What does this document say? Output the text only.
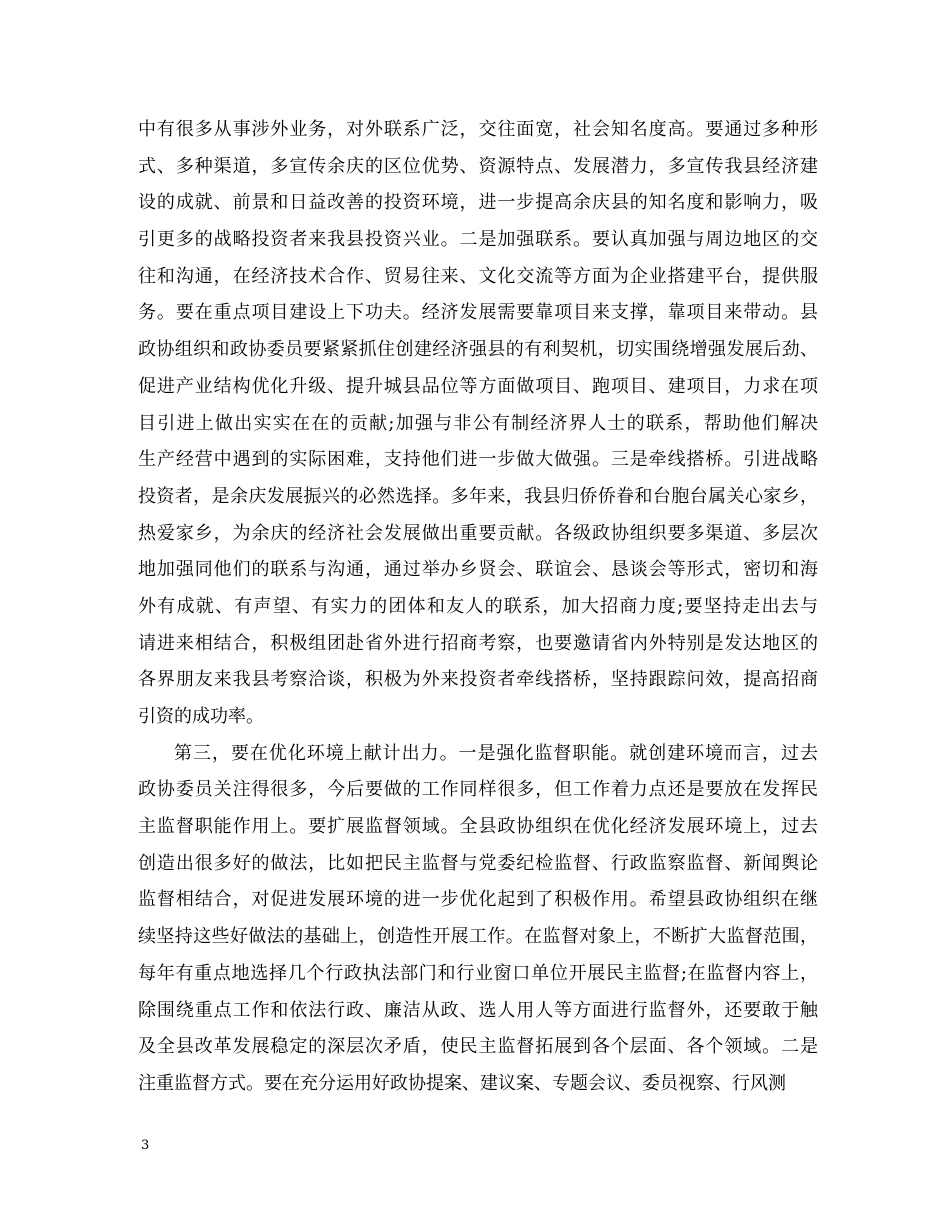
中有很多从事涉外业务，对外联系广泛，交往面宽，社会知名度高。要通过多种形
式、多种渠道，多宣传余庆的区位优势、资源特点、发展潜力，多宣传我县经济建
设的成就、前景和日益改善的投资环境，进一步提高余庆县的知名度和影响力，吸
引更多的战略投资者来我县投资兴业。二是加强联系。要认真加强与周边地区的交
往和沟通，在经济技术合作、贸易往来、文化交流等方面为企业搭建平台，提供服
务。要在重点项目建设上下功夫。经济发展需要靠项目来支撑，靠项目来带动。县
政协组织和政协委员要紧紧抓住创建经济强县的有利契机，切实围绕增强发展后劲、
促进产业结构优化升级、提升城县品位等方面做项目、跑项目、建项目，力求在项
目引进上做出实实在在的贡献;加强与非公有制经济界人士的联系，帮助他们解决
生产经营中遇到的实际困难，支持他们进一步做大做强。三是牵线搭桥。引进战略
投资者，是余庆发展振兴的必然选择。多年来，我县归侨侨眷和台胞台属关心家乡，
热爱家乡，为余庆的经济社会发展做出重要贡献。各级政协组织要多渠道、多层次
地加强同他们的联系与沟通，通过举办乡贤会、联谊会、恳谈会等形式，密切和海
外有成就、有声望、有实力的团体和友人的联系，加大招商力度;要坚持走出去与
请进来相结合，积极组团赴省外进行招商考察，也要邀请省内外特别是发达地区的
各界朋友来我县考察洽谈，积极为外来投资者牵线搭桥，坚持跟踪问效，提高招商
引资的成功率。
第三，要在优化环境上献计出力。一是强化监督职能。就创建环境而言，过去
政协委员关注得很多，今后要做的工作同样很多，但工作着力点还是要放在发挥民
主监督职能作用上。要扩展监督领域。全县政协组织在优化经济发展环境上，过去
创造出很多好的做法，比如把民主监督与党委纪检监督、行政监察监督、新闻舆论
监督相结合，对促进发展环境的进一步优化起到了积极作用。希望县政协组织在继
续坚持这些好做法的基础上，创造性开展工作。在监督对象上，不断扩大监督范围，
每年有重点地选择几个行政执法部门和行业窗口单位开展民主监督;在监督内容上，
除围绕重点工作和依法行政、廉洁从政、选人用人等方面进行监督外，还要敢于触
及全县改革发展稳定的深层次矛盾，使民主监督拓展到各个层面、各个领域。二是
注重监督方式。要在充分运用好政协提案、建议案、专题会议、委员视察、行风测
3
